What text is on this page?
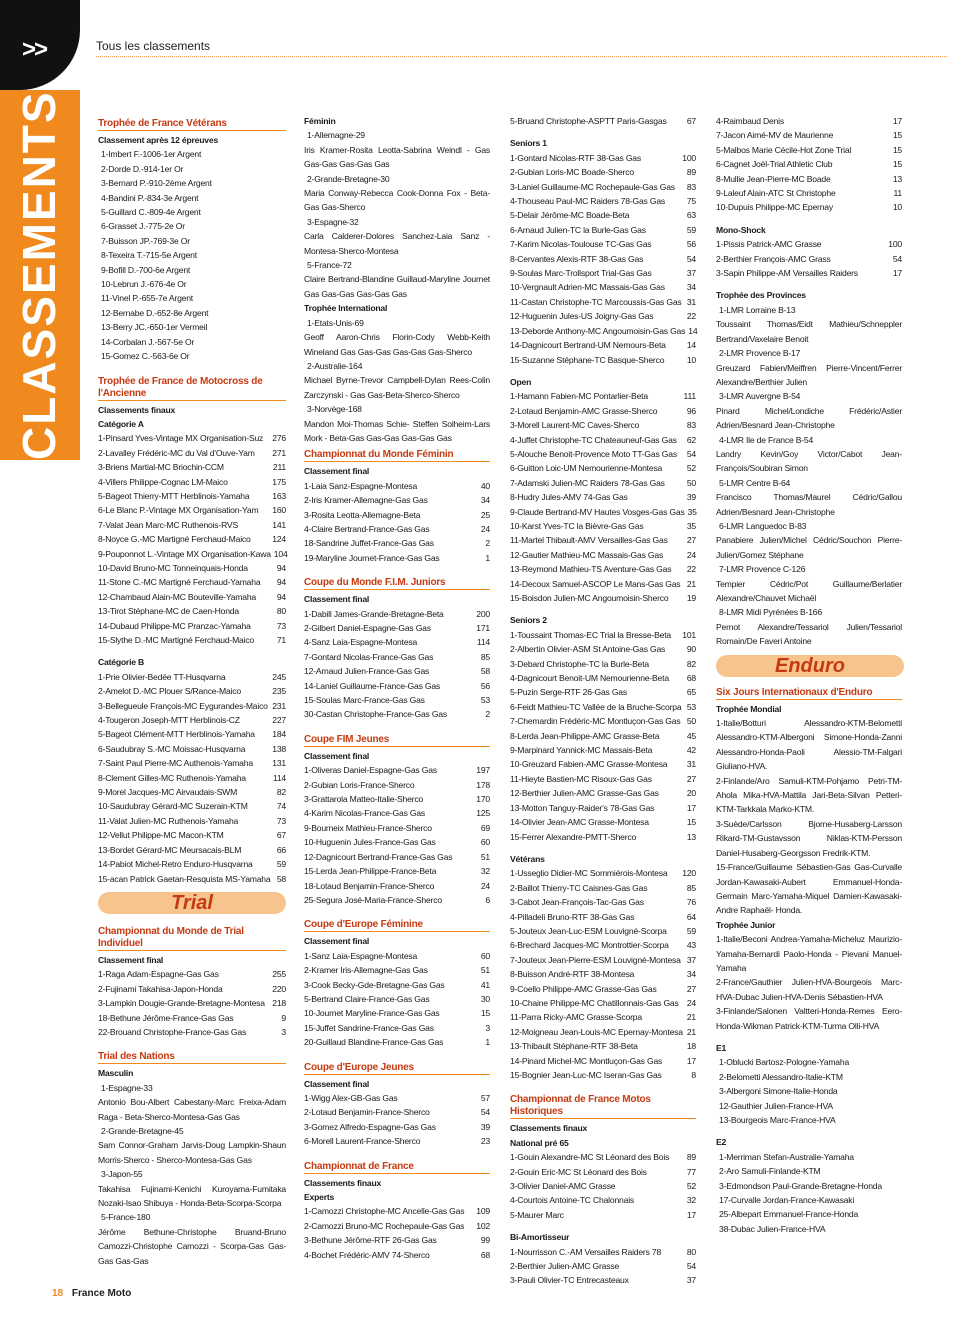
>>
CLASSEMENTS
Tous les classements
Trophée de France Vétérans
Classement après 12 épreuves
1-Imbert F.-1006-1er Argent
2-Dorde D.-914-1er Or
3-Bernard P.-910-2ème Argent
4-Bandini P.-834-3e Argent
5-Guillard C.-809-4e Argent
6-Grasset J.-775-2e Or
7-Buisson JP.-769-3e Or
8-Texeira T.-715-5e Argent
9-Bofill D.-700-6e Argent
10-Lebrun J.-676-4e Or
11-Vinel P.-655-7e Argent
12-Bernabe D.-652-8e Argent
13-Berry JC.-650-1er Vermeil
14-Corbalan J.-567-5e Or
15-Gomez C.-563-6e Or
Trophée de France de Motocross de l'Ancienne
Classements finaux
Catégorie A
1-Pinsard Yves-Vintage MX Organisation-Suz	276
2-Lavalley Frédéric-MC du Val d'Ouve-Yam	271
3-Briens Martial-MC Briochin-CCM	211
4-Villers Philippe-Cognac LM-Maico	175
5-Bageot Thierry-MTT Herblinois-Yamaha	163
6-Le Blanc P.-Vintage MX Organisation-Yam	160
7-Valat Jean Marc-MC Ruthenois-RVS	141
8-Noyce G.-MC Martigné Ferchaud-Maico	124
9-Pouponnot L.-Vintage MX Organisation-Kawa 104
10-David Bruno-MC Tonneinquais-Honda	94
11-Stone C.-MC Martigné Ferchaud-Yamaha	94
12-Chambaud Alain-MC Bouteville-Yamaha	94
13-Tirot Stéphane-MC de Caen-Honda	80
14-Dubaud Philippe-MC Pranzac-Yamaha	73
15-Slythe D.-MC Martigné Ferchaud-Maico	71
Catégorie B
1-Prie Olivier-Bedée TT-Husqvarna	245
2-Amelot D.-MC Plouer S/Rance-Maico	235
3-Bellegueule François-MC Eygurandes-Maico 231
4-Tougeron Joseph-MTT Herblinois-CZ	227
5-Bageot Clément-MTT Herblinois-Yamaha	184
6-Saudubray S.-MC Moissac-Husqvarna	138
7-Saint Paul Pierre-MC Authenois-Yamaha	131
8-Clement Gilles-MC Ruthenois-Yamaha	114
9-Morel Jacques-MC Airvaudais-SWM	82
10-Saudubray Gérard-MC Suzerain-KTM	74
11-Valat Julien-MC Ruthenois-Yamaha	73
12-Vellut Philippe-MC Macon-KTM	67
13-Bordet Gérard-MC Meursacais-BLM	66
14-Pabiot Michel-Retro Enduro-Husqvarna	59
15-acan Patrick Gaetan-Resquista MS-Yamaha 58
Championnat du Monde de Trial Individuel
Classement final
1-Raga Adam-Espagne-Gas Gas	255
2-Fujinami Takahisa-Japon-Honda	220
3-Lampkin Dougie-Grande-Bretagne-Montesa 218
18-Bethune Jérôme-France-Gas Gas	9
22-Brouand Christophe-France-Gas Gas	3
Trial des Nations
Masculin
1-Espagne-33
Antonio Bou-Albert Cabestany-Marc Freixa-Adam Raga - Beta-Sherco-Montesa-Gas Gas
2-Grande-Bretagne-45
Sam Connor-Graham Jarvis-Doug Lampkin-Shaun Morris-Sherco - Sherco-Montesa-Gas Gas
3-Japon-55
Takahisa Fujinami-Kenichi Kuroyama-Fumitaka Nozaki-Isao Shibuya - Honda-Beta-Scorpa-Scorpa
5-France-180
Jérôme Bethune-Christophe Bruand-Bruno Camozzi-Christophe Camozzi - Scorpa-Gas Gas-Gas Gas-Gas
Féminin
1-Allemagne-29
Iris Kramer-Rosita Leotta-Sabrina Weindl - Gas Gas-Gas Gas-Gas Gas
2-Grande-Bretagne-30
Maria Conway-Rebecca Cook-Donna Fox - Beta-Gas Gas-Sherco
3-Espagne-32
Carla Calderer-Dolores Sanchez-Laia Sanz - Montesa-Sherco-Montesa
5-France-72
Claire Bertrand-Blandine Guillaud-Maryline Journet Gas Gas-Gas Gas-Gas Gas
Trophée International
1-Etats-Unis-69
Geoff Aaron-Chris Florin-Cody Webb-Keith Wineland Gas Gas-Gas Gas-Gas Gas-Sherco
2-Australie-164
Michael Byrne-Trevor Campbell-Dylan Rees-Colin Zarczynski - Gas Gas-Beta-Sherco-Sherco
3-Norvège-168
Mandon Moi-Thomas Schie- Steffen Solheim-Lars Mork - Beta-Gas Gas-Gas Gas-Gas Gas
Championnat du Monde Féminin
Classement final
1-Laia Sanz-Espagne-Montesa	40
2-Iris Kramer-Allemagne-Gas Gas	34
3-Rosita Leotta-Allemagne-Beta	25
4-Claire Bertrand-France-Gas Gas	24
18-Sandrine Juffet-France-Gas Gas	2
19-Maryline Journet-France-Gas Gas	1
Coupe du Monde F.I.M. Juniors
Classement final
1-Dabill James-Grande-Bretagne-Beta	200
2-Gilbert Daniel-Espagne-Gas Gas	171
4-Sanz Laia-Espagne-Montesa	114
7-Gontard Nicolas-France-Gas Gas	85
12-Arnaud Julien-France-Gas Gas	58
14-Laniel Guillaume-France-Gas Gas	56
15-Soulas Marc-France-Gas Gas	53
30-Castan Christophe-France-Gas Gas	2
Coupe FIM Jeunes
Classement final
1-Oliveras Daniel-Espagne-Gas Gas	197
2-Gubian Loris-France-Sherco	178
3-Grattarola Matteo-Italie-Sherco	170
4-Karim Nicolas-France-Gas Gas	125
9-Bourneix Mathieu-France-Sherco	69
10-Huguenin Jules-France-Gas Gas	60
12-Dagnicourt Bertrand-France-Gas Gas	51
15-Lerda Jean-Philippe-France-Beta	32
18-Lotaud Benjamin-France-Sherco	24
25-Segura José-Maria-France-Sherco	6
Coupe d'Europe Féminine
Classement final
1-Sanz Laia-Espagne-Montesa	60
2-Kramer Iris-Allemagne-Gas Gas	51
3-Cook Becky-Gde-Bretagne-Gas Gas	41
5-Bertrand Claire-France-Gas Gas	30
10-Journet Maryline-France-Gas Gas	15
15-Juffet Sandrine-France-Gas Gas	3
20-Guillaud Blandine-France-Gas Gas	1
Coupe d'Europe Jeunes
Classement final
1-Wigg Alex-GB-Gas Gas	57
2-Lotaud Benjamin-France-Sherco	54
3-Gomez Alfredo-Espagne-Gas Gas	39
6-Morell Laurent-France-Sherco	23
Championnat de France
Classements finaux
Experts
1-Camozzi Christophe-MC Ancelle-Gas Gas	109
2-Camozzi Bruno-MC Rochepaule-Gas Gas	102
3-Bethune Jérôme-RTF 26-Gas Gas	99
4-Bochet Frédéric-AMV 74-Sherco	68
5-Bruand Christophe-ASPTT Paris-Gasgas	67
Seniors 1
1-Gontard Nicolas-RTF 38-Gas Gas	100
2-Gubian Loris-MC Boade-Sherco	89
3-Laniel Guillaume-MC Rochepaule-Gas Gas	83
4-Thouseau Paul-MC Raiders 78-Gas Gas	75
5-Delair Jérôme-MC Boade-Beta	63
6-Arnaud Julien-TC la Burle-Gas Gas	59
7-Karim Nicolas-Toulouse TC-Gas Gas	56
8-Cervantes Alexis-RTF 38-Gas Gas	54
9-Soulas Marc-Trollsport Trial-Gas Gas	37
10-Vergnault Adrien-MC Massais-Gas Gas	34
11-Castan Christophe-TC Marcoussis-Gas Gas 31
12-Huguenin Jules-US Joigny-Gas Gas	22
13-Deborde Anthony-MC Angoumoisin-Gas Gas 14
14-Dagnicourt Bertrand-UM Nemours-Beta	14
15-Suzanne Stéphane-TC Basque-Sherco	10
Open
1-Hamann Fabien-MC Pontarlier-Beta	111
2-Lotaud Benjamin-AMC Grasse-Sherco	96
3-Morell Laurent-MC Caves-Sherco	83
4-Juffet Christophe-TC Chateauneuf-Gas Gas	62
5-Alouche Benoit-Provence Moto TT-Gas Gas	54
6-Guitton Loic-UM Nemourienne-Montesa	52
7-Adamski Julien-MC Raiders 78-Gas Gas	50
8-Hudry Jules-AMV 74-Gas Gas	39
9-Claude Bertrand-MV Hautes Vosges-Gas Gas 35
10-Karst Yves-TC la Bièvre-Gas Gas	35
11-Martel Thibault-AMV Versailles-Gas Gas	27
12-Gautier Mathieu-MC Massais-Gas Gas	24
13-Reymond Mathieu-TS Aventure-Gas Gas	22
14-Decoux Samuel-ASCOP Le Mans-Gas Gas 21
15-Boisdon Julien-MC Angoumoisin-Sherco	19
Seniors 2
1-Toussaint Thomas-EC Trial la Bresse-Beta	101
2-Albertin Olivier-ASM St Antoine-Gas Gas	90
3-Debard Christophe-TC la Burle-Beta	82
4-Dagnicourt Benoit-UM Nemourienne-Beta	68
5-Puzin Serge-RTF 26-Gas Gas	65
6-Feidt Mathieu-TC Vallée de la Bruche-Scorpa 53
7-Chemardin Frédéric-MC Montluçon-Gas Gas 50
8-Lerda Jean-Philippe-AMC Grasse-Beta	45
9-Marpinard Yannick-MC Massais-Beta	42
10-Greuzard Fabien-AMC Grasse-Montesa	31
11-Hieyte Bastien-MC Risoux-Gas Gas	27
12-Berthier Julien-AMC Grasse-Gas Gas	20
13-Motton Tanguy-Raider's 78-Gas Gas	17
14-Olivier Jean-AMC Grasse-Montesa	15
15-Ferrer Alexandre-PMTT-Sherco	13
Vétérans
1-Usseglio Didier-MC Sommiérois-Montesa	120
2-Baillot Thierry-TC Caisnes-Gas Gas	85
3-Cabot Jean-François-Tac-Gas Gas	76
4-Pilladeli Bruno-RTF 38-Gas Gas	64
5-Jouteux Jean-Luc-ESM Louvigné-Scorpa	59
6-Brechard Jacques-MC Montrottier-Scorpa	43
7-Jouteux Jean-Pierre-ESM Louvigné-Montesa 37
8-Buisson André-RTF 38-Montesa	34
9-Coello Philippe-AMC Grasse-Gas Gas	27
10-Chaine Philippe-MC Chatillonnais-Gas Gas 24
11-Parra Ricky-AMC Grasse-Scorpa	21
12-Moigneau Jean-Louis-MC Epernay-Montesa 21
13-Thibault Stéphane-RTF 38-Beta	18
14-Pinard Michel-MC Montluçon-Gas Gas	17
15-Bognier Jean-Luc-MC Iseran-Gas Gas	8
Championnat de France Motos Historiques
Classements finaux
National pré 65
1-Gouin Alexandre-MC St Léonard des Bois	89
2-Gouin Eric-MC St Léonard des Bois	77
3-Olivier Daniel-AMC Grasse	52
4-Courtois Antoine-TC Chalonnais	32
5-Maurer Marc	17
Bi-Amortisseur
1-Nourrisson C.-AM Versailles Raiders 78	80
2-Berthier Julien-AMC Grasse	54
3-Pauli Olivier-TC Entrecasteaux	37
4-Raimbaud Denis	17
7-Jacon Aimé-MV de Maurienne	15
5-Malbos Marie Cécile-Hot Zone Trial	15
6-Cagnet Joël-Trial Athletic Club	15
8-Mullie Jean-Pierre-MC Boade	13
9-Laleuf Alain-ATC St Christophe	11
10-Dupuis Philippe-MC Epernay	10
Mono-Shock
1-Pissis Patrick-AMC Grasse	100
2-Berthier François-AMC Grass	54
3-Sapin Philippe-AM Versailles Raiders	17
Trophée des Provinces
1-LMR Lorraine B-13
Toussaint Thomas/Eidt Mathieu/Schneppler Bertrand/Vaxelaire Benoit
2-LMR Provence B-17
Greuzard Fabien/Meiffren Pierre-Vincent/Ferrer Alexandre/Berthier Julien
3-LMR Auvergne B-54
Pinard Michel/Londiche Frédéric/Astier Adrien/Besnard Jean-Christophe
4-LMR Ile de France B-54
Landry Kevin/Goy Victor/Cabot Jean-François/Soubiran Simon
5-LMR Centre B-64
Francisco Thomas/Maurel Cédric/Gallou Adrien/Besnard Jean-Christophe
6-LMR Languedoc B-83
Panabiere Julien/Michel Cédric/Souchon Pierre-Julien/Gomez Stéphane
7-LMR Provence C-126
Tempier Cédric/Pot Guillaume/Berlatier Alexandre/Chauvet Michaël
8-LMR Midi Pyrénées B-166
Pernot Alexandre/Tessariol Julien/Tessariol Romain/De Faveri Antoine
Six Jours Internationaux d'Enduro
Trophée Mondial
1-Italie/Botturi Alessandro-KTM-Belometti Alessandro-KTM-Albergoni Simone-Honda-Zanni Alessandro-Honda-Paoli Alessio-TM-Falgari Giuliano-HVA.
2-Finlande/Aro Samuli-KTM-Pohjamo Petri-TM-Ahola Mika-HVA-Mattila Jari-Beta-Silvan Petteri-KTM-Tarkkala Marko-KTM.
3-Suède/Carlsson Bjorne-Husaberg-Larsson Rikard-TM-Gustavsson Niklas-KTM-Persson Daniel-Husaberg-Georgsson Fredrik-KTM.
15-France/Guillaume Sébastien-Gas Gas-Curvalle Jordan-Kawasaki-Aubert Emmanuel-Honda-Germain Marc-Yamaha-Miquel Damien-Kawasaki-Andre Raphaël- Honda.
Trophée Junior
1-Italie/Beconi Andrea-Yamaha-Micheluz Maurizio-Yamaha-Bernardi Paolo-Honda - Pievani Manuel-Yamaha
2-France/Gauthier Julien-HVA-Bourgeois Marc-HVA-Dubac Julien-HVA-Denis Sébastien-HVA
3-Finlande/Salonen Valtteri-Honda-Remes Eero-Honda-Wikman Patrick-KTM-Turma Olli-HVA
E1
1-Oblucki Bartosz-Pologne-Yamaha
2-Belometti Alessandro-Italie-KTM
3-Albergoni Simone-Italie-Honda
12-Gauthier Julien-France-HVA
13-Bourgeois Marc-France-HVA
E2
1-Merriman Stefan-Australie-Yamaha
2-Aro Samuli-Finlande-KTM
3-Edmondson Paul-Grande-Bretagne-Honda
17-Curvalle Jordan-France-Kawasaki
25-Albepart Emmanuel-France-Honda
38-Dubac Julien-France-HVA
Trial
Enduro
18 France Moto
